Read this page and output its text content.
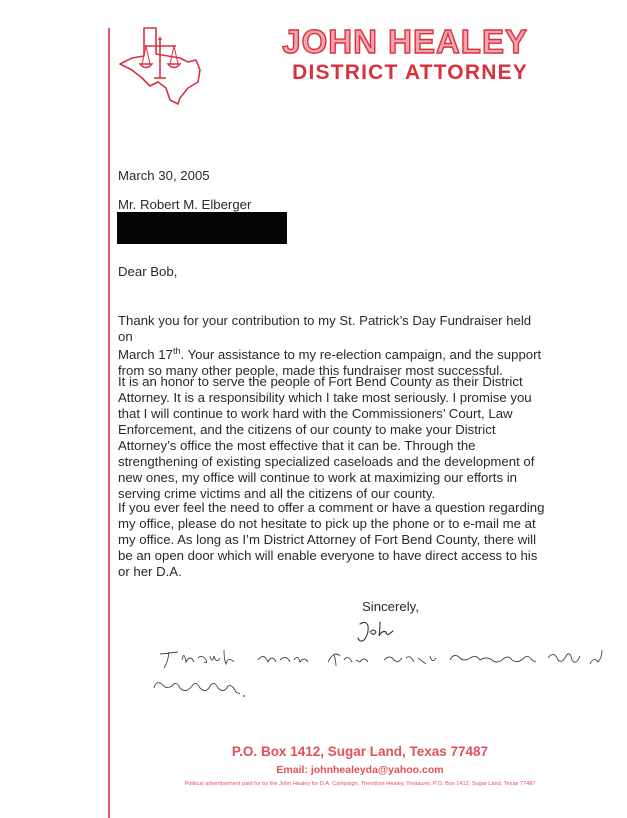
JOHN HEALEY
DISTRICT ATTORNEY
March 30, 2005
Mr. Robert M. Elberger
Dear Bob,
Thank you for your contribution to my St. Patrick’s Day Fundraiser held on
March 17th. Your assistance to my re-election campaign, and the support from so many other people, made this fundraiser most successful.
It is an honor to serve the people of Fort Bend County as their District Attorney. It is a responsibility which I take most seriously. I promise you that I will continue to work hard with the Commissioners’ Court, Law Enforcement, and the citizens of our county to make your District Attorney’s office the most effective that it can be. Through the strengthening of existing specialized caseloads and the development of new ones, my office will continue to work at maximizing our efforts in serving crime victims and all the citizens of our county.
If you ever feel the need to offer a comment or have a question regarding my office, please do not hesitate to pick up the phone or to e-mail me at my office. As long as I’m District Attorney of Fort Bend County, there will be an open door which will enable everyone to have direct access to his or her D.A.
Sincerely,
P.O. Box 1412, Sugar Land, Texas 77487
Email: johnhealeyda@yahoo.com
Political advertisement paid for by the John Healey for D.A. Campaign, Theodora Healey, Treasurer, P.O. Box 1412, Sugar Land, Texas 77487
